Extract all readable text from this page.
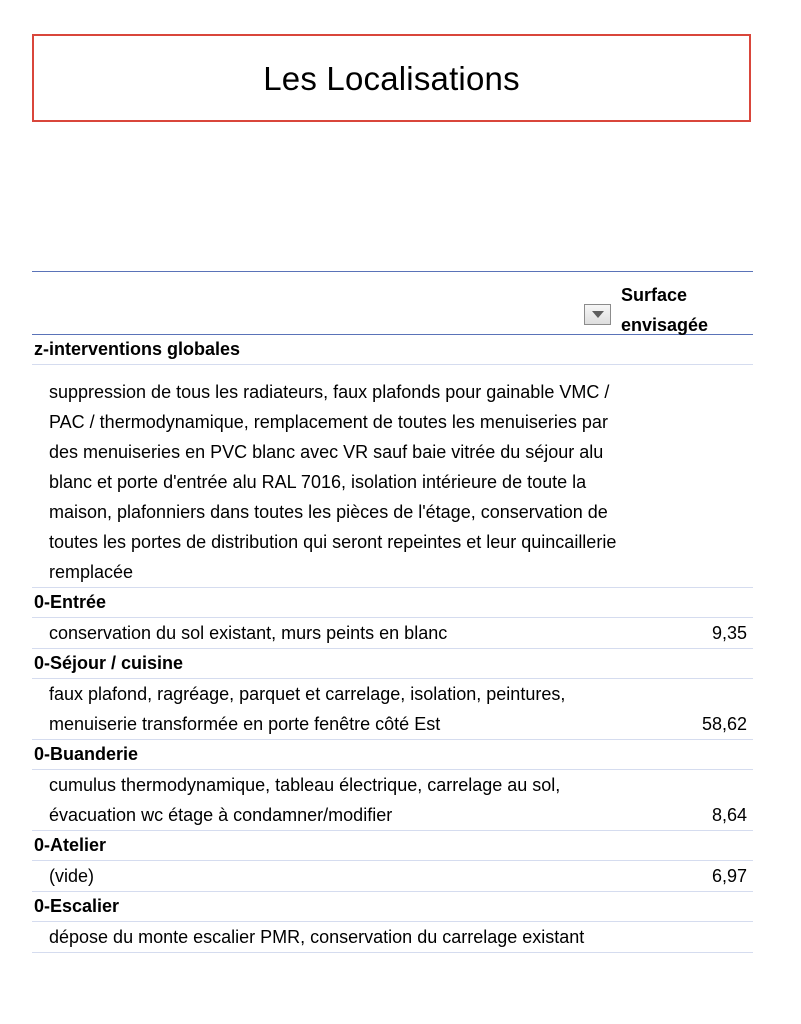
Les Localisations
Surface envisagée
z-interventions globales
suppression de tous les radiateurs, faux plafonds pour gainable VMC / PAC / thermodynamique, remplacement de toutes les menuiseries par des menuiseries en PVC blanc avec VR sauf baie vitrée du séjour alu blanc et porte d'entrée alu RAL 7016, isolation intérieure de toute la maison, plafonniers dans toutes les pièces de l'étage, conservation de toutes les portes de distribution qui seront repeintes et leur quincaillerie remplacée
0-Entrée
conservation du sol existant, murs peints en blanc	9,35
0-Séjour / cuisine
faux plafond, ragréage, parquet et carrelage, isolation, peintures, menuiserie transformée en porte fenêtre côté Est	58,62
0-Buanderie
cumulus thermodynamique, tableau électrique, carrelage au sol, évacuation wc étage à condamner/modifier	8,64
0-Atelier
(vide)	6,97
0-Escalier
dépose du monte escalier PMR, conservation du carrelage existant
